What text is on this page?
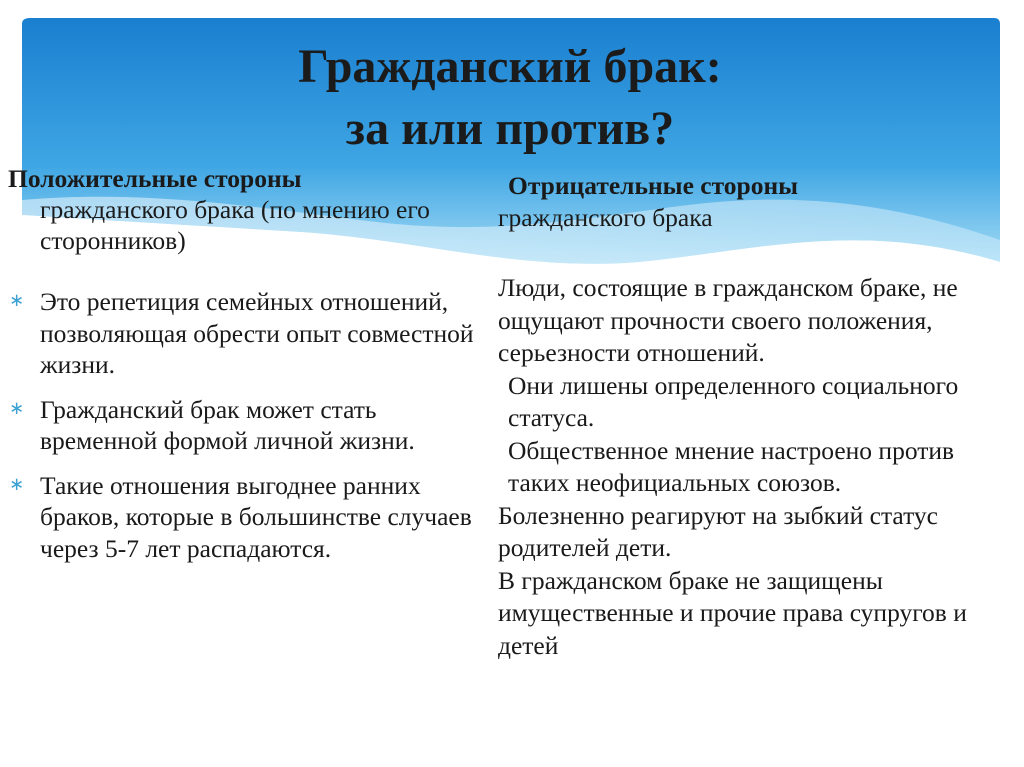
Гражданский брак:
за или против?
Положительные стороны
гражданского брака (по мнению его сторонников)
∗ Это репетиция семейных отношений, позволяющая обрести опыт совместной жизни.
∗ Гражданский брак может стать временной формой личной жизни.
∗ Такие отношения выгоднее ранних браков, которые в большинстве случаев через 5-7 лет распадаются.
Отрицательные стороны
гражданского брака

Люди, состоящие в гражданском браке, не ощущают прочности своего положения, серьезности отношений.

Они лишены определенного социального статуса.

Общественное мнение настроено против таких неофициальных союзов.

Болезненно реагируют на зыбкий статус родителей дети.

В гражданском браке не защищены имущественные и прочие права супругов и детей
